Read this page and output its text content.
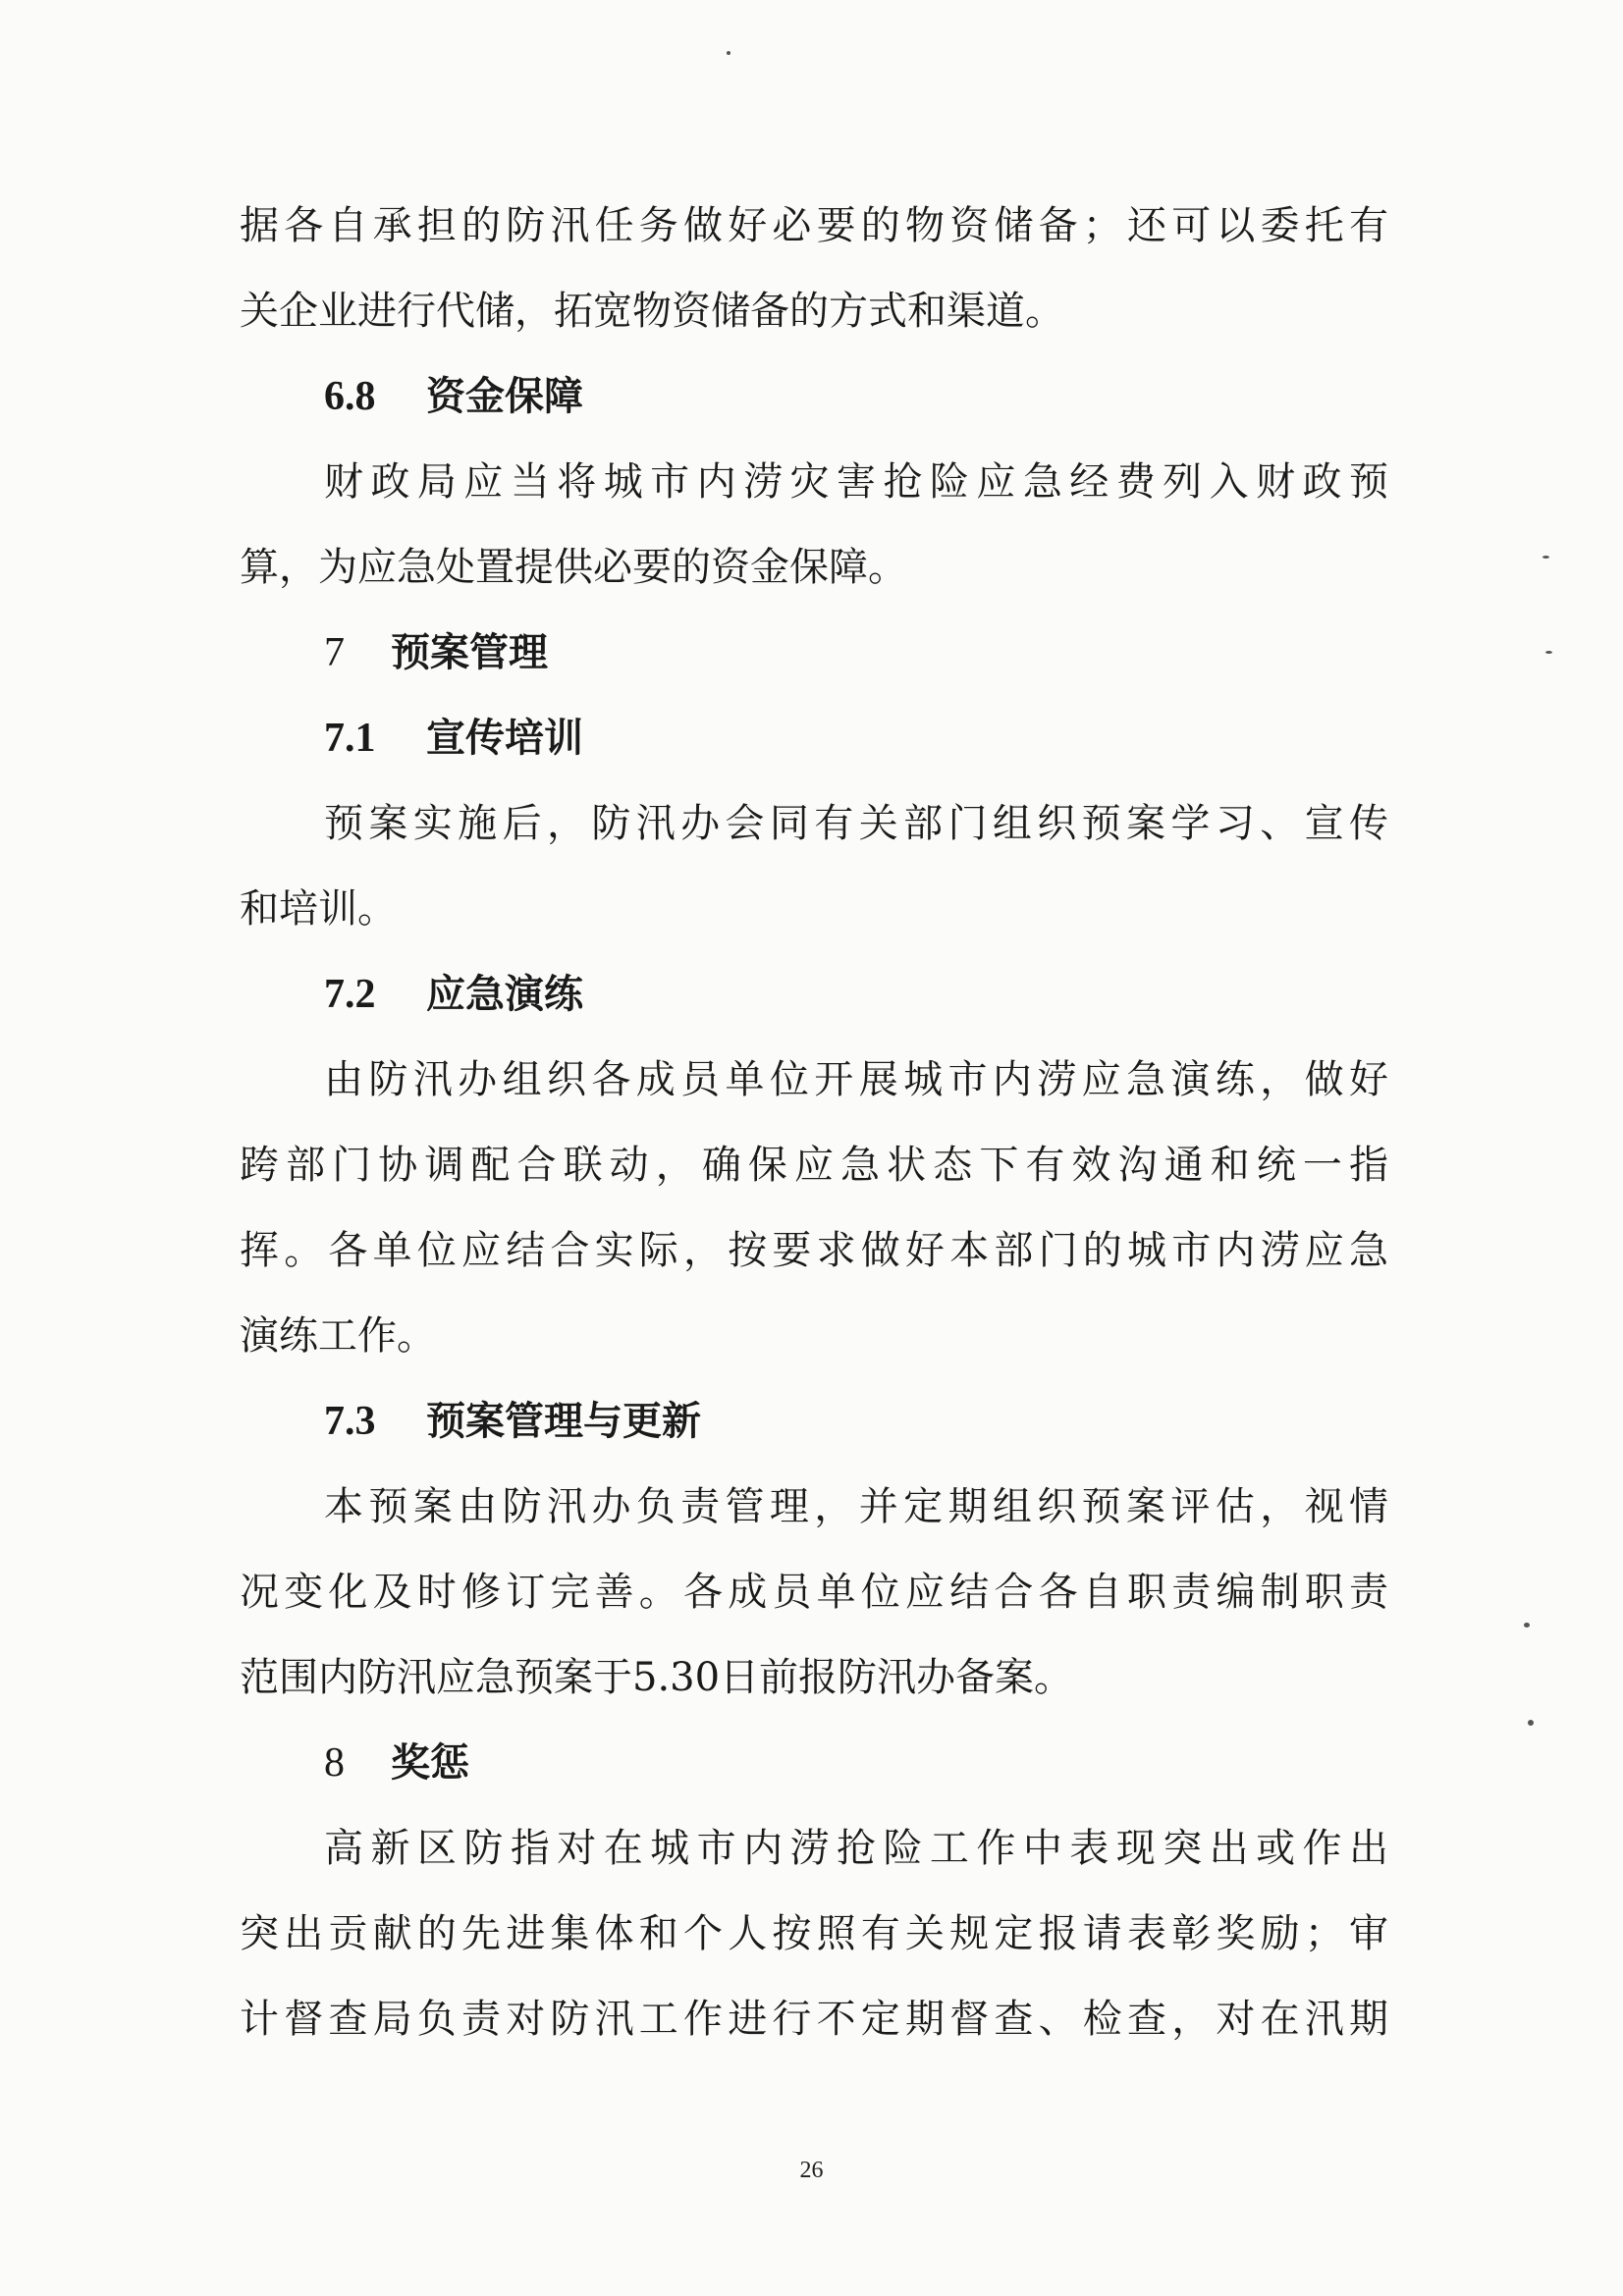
据各自承担的防汛任务做好必要的物资储备；还可以委托有
关企业进行代储，拓宽物资储备的方式和渠道。
6.8 资金保障
财政局应当将城市内涝灾害抢险应急经费列入财政预
算，为应急处置提供必要的资金保障。
7 预案管理
7.1 宣传培训
预案实施后，防汛办会同有关部门组织预案学习、宣传
和培训。
7.2 应急演练
由防汛办组织各成员单位开展城市内涝应急演练，做好
跨部门协调配合联动，确保应急状态下有效沟通和统一指
挥。各单位应结合实际，按要求做好本部门的城市内涝应急
演练工作。
7.3 预案管理与更新
本预案由防汛办负责管理，并定期组织预案评估，视情
况变化及时修订完善。各成员单位应结合各自职责编制职责
范围内防汛应急预案于5.30日前报防汛办备案。
8 奖惩
高新区防指对在城市内涝抢险工作中表现突出或作出
突出贡献的先进集体和个人按照有关规定报请表彰奖励；审
计督查局负责对防汛工作进行不定期督查、检查，对在汛期
26
